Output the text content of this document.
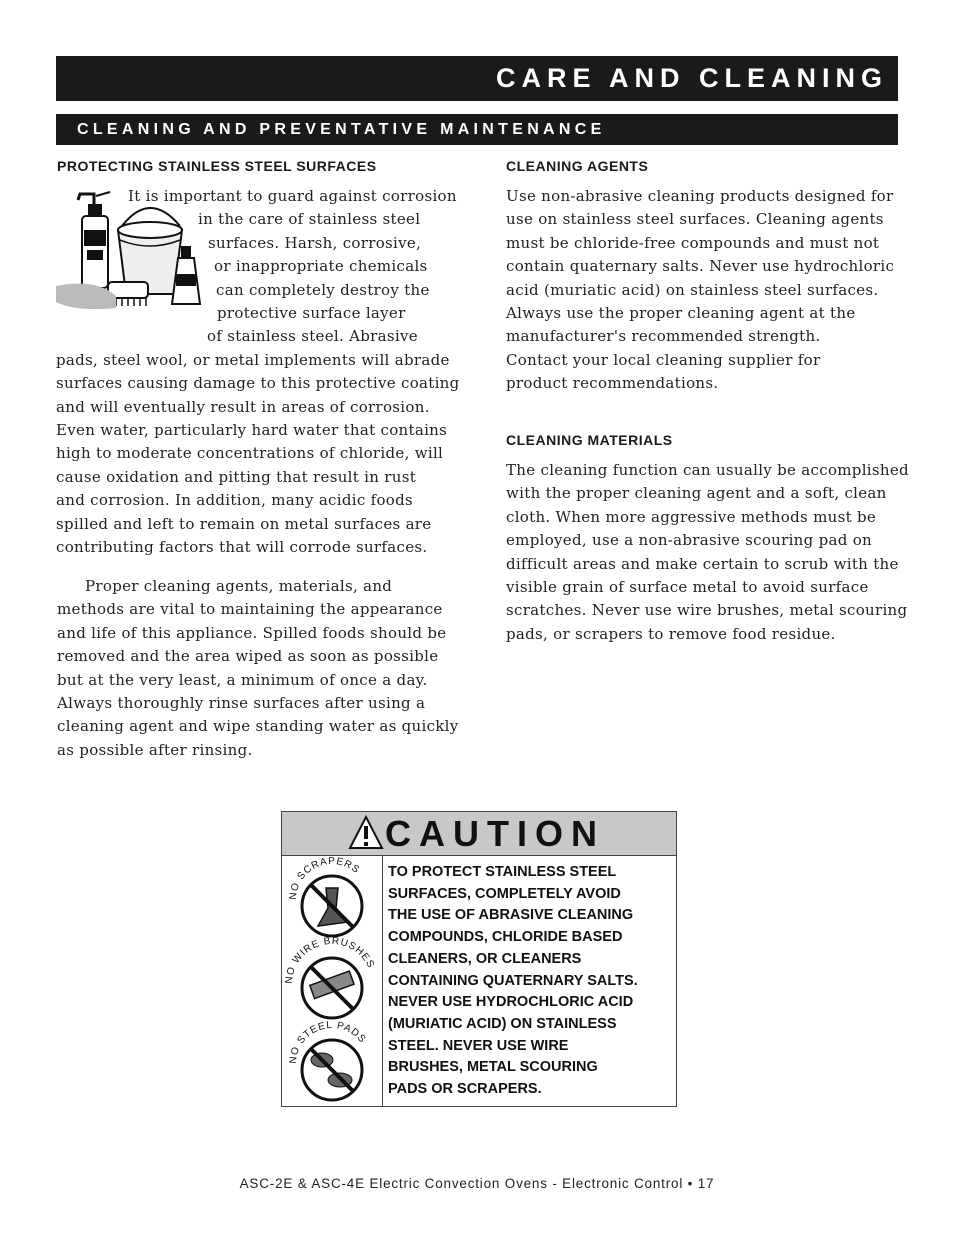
CARE AND CLEANING
CLEANING AND PREVENTATIVE MAINTENANCE
PROTECTING STAINLESS STEEL SURFACES
It is important to guard against corrosion
in the care of stainless steel
surfaces. Harsh, corrosive,
or inappropriate chemicals
can completely destroy the
protective surface layer
of stainless steel. Abrasive
pads, steel wool, or metal implements will abrade
surfaces causing damage to this protective coating
and will eventually result in areas of corrosion.
Even water, particularly hard water that contains
high to moderate concentrations of chloride, will
cause oxidation and pitting that result in rust
and corrosion. In addition, many acidic foods
spilled and left to remain on metal surfaces are
contributing factors that will corrode surfaces.
Proper cleaning agents, materials, and
methods are vital to maintaining the appearance
and life of this appliance. Spilled foods should be
removed and the area wiped as soon as possible
but at the very least, a minimum of once a day.
Always thoroughly rinse surfaces after using a
cleaning agent and wipe standing water as quickly
as possible after rinsing.
CLEANING AGENTS
Use non-abrasive cleaning products designed for
use on stainless steel surfaces. Cleaning agents
must be chloride-free compounds and must not
contain quaternary salts. Never use hydrochloric
acid (muriatic acid) on stainless steel surfaces.
Always use the proper cleaning agent at the
manufacturer's recommended strength.
Contact your local cleaning supplier for
product recommendations.
CLEANING MATERIALS
The cleaning function can usually be accomplished
with the proper cleaning agent and a soft, clean
cloth. When more aggressive methods must be
employed, use a non-abrasive scouring pad on
difficult areas and make certain to scrub with the
visible grain of surface metal to avoid surface
scratches. Never use wire brushes, metal scouring
pads, or scrapers to remove food residue.
CAUTION
NO SCRAPERS
NO WIRE BRUSHES
NO STEEL PADS
TO PROTECT STAINLESS STEEL
SURFACES, COMPLETELY AVOID
THE USE OF ABRASIVE CLEANING
COMPOUNDS, CHLORIDE BASED
CLEANERS, OR CLEANERS
CONTAINING QUATERNARY SALTS.
NEVER USE HYDROCHLORIC ACID
(MURIATIC ACID) ON STAINLESS
STEEL. NEVER USE WIRE
BRUSHES, METAL SCOURING
PADS OR SCRAPERS.
ASC-2E & ASC-4E Electric Convection Ovens - Electronic Control • 17
